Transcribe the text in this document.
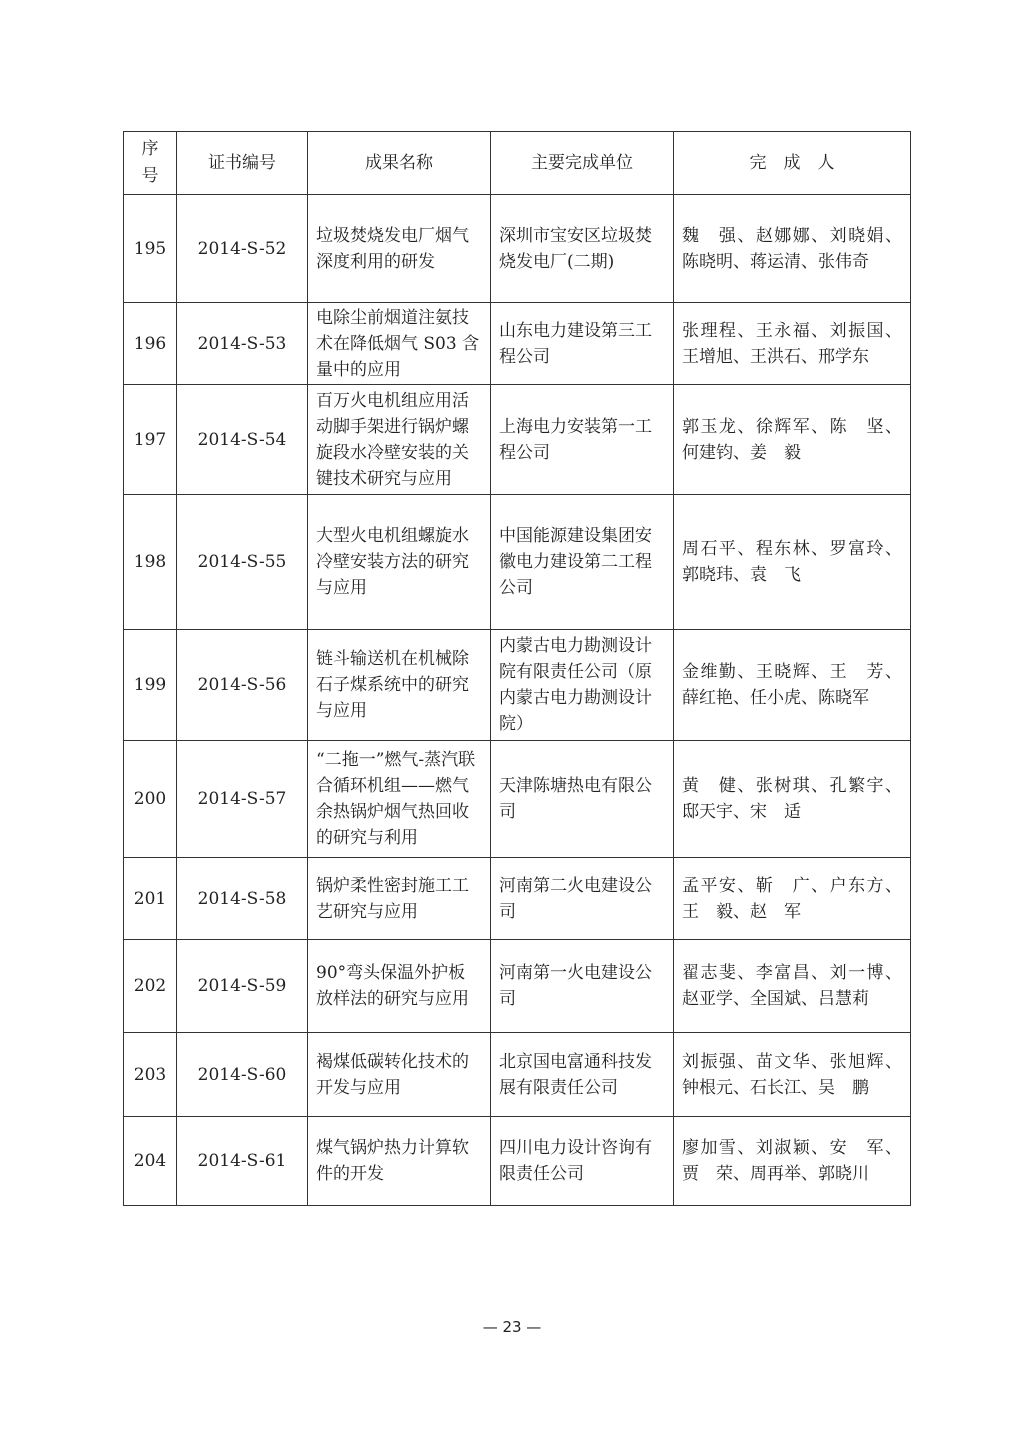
序
号	证书编号	成果名称	主要完成单位	完　成　人
195	2014-S-52	垃圾焚烧发电厂烟气深度利用的研发	深圳市宝安区垃圾焚烧发电厂(二期)	魏　强、赵娜娜、刘晓娟、陈晓明、蒋运清、张伟奇
196	2014-S-53	电除尘前烟道注氨技术在降低烟气 S03 含量中的应用	山东电力建设第三工程公司	张理程、王永福、刘振国、王增旭、王洪石、邢学东
197	2014-S-54	百万火电机组应用活动脚手架进行锅炉螺旋段水冷壁安装的关键技术研究与应用	上海电力安装第一工程公司	郭玉龙、徐辉军、陈　坚、何建钧、姜　毅
198	2014-S-55	大型火电机组螺旋水冷壁安装方法的研究与应用	中国能源建设集团安徽电力建设第二工程公司	周石平、程东林、罗富玲、郭晓玮、袁　飞
199	2014-S-56	链斗输送机在机械除石子煤系统中的研究与应用	内蒙古电力勘测设计院有限责任公司（原内蒙古电力勘测设计院）	金维勤、王晓辉、王　芳、薛红艳、任小虎、陈晓军
200	2014-S-57	“二拖一”燃气-蒸汽联合循环机组——燃气余热锅炉烟气热回收的研究与利用	天津陈塘热电有限公司	黄　健、张树琪、孔繁宇、邸天宇、宋　适
201	2014-S-58	锅炉柔性密封施工工艺研究与应用	河南第二火电建设公司	孟平安、靳　广、户东方、王　毅、赵　军
202	2014-S-59	90°弯头保温外护板放样法的研究与应用	河南第一火电建设公司	翟志斐、李富昌、刘一博、赵亚学、全国斌、吕慧莉
203	2014-S-60	褐煤低碳转化技术的开发与应用	北京国电富通科技发展有限责任公司	刘振强、苗文华、张旭辉、钟根元、石长江、吴　鹏
204	2014-S-61	煤气锅炉热力计算软件的开发	四川电力设计咨询有限责任公司	廖加雪、刘淑颖、安　军、贾　荣、周再举、郭晓川
— 23 —
